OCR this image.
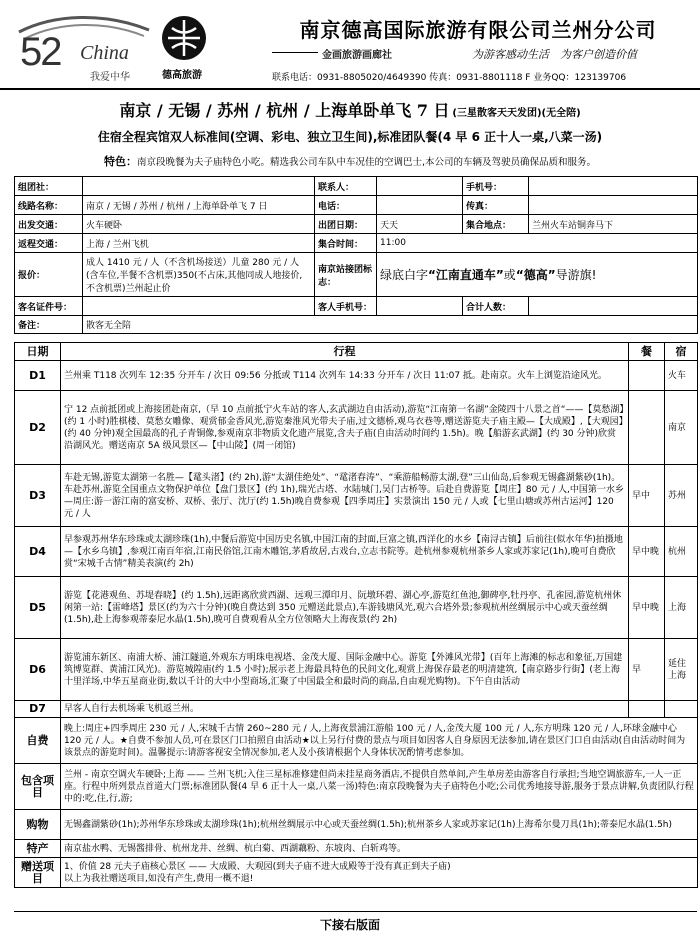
52 China
我爱中华	德高旅游
南京德高国际旅游有限公司兰州分公司
金画旅游画廊社	为游客感动生活　为客户创造价值
联系电话：0931-8805020/4649390 传真：0931-8801118 F 业务QQ：123139706
南京 / 无锡 / 苏州 / 杭州 / 上海单卧单飞 7 日 (三星散客天天发团)(无全陪)
住宿全程宾馆双人标准间(空调、彩电、独立卫生间),标准团队餐(4 早 6 正十人一桌,八菜一汤)
特色：南京段晚餐为夫子庙特色小吃。精选我公司车队中车况佳的空调巴士,本公司的车辆及驾驶员确保品质和服务。
组团社：		联系人：		手机号：	
线路名称：	南京 / 无锡 / 苏州 / 杭州 / 上海单卧单飞 7 日	电话：		传真：	
出发交通：	火车硬卧	出团日期：	天天	集合地点：	兰州火车站铜奔马下
返程交通：	上海 / 兰州飞机	集合时间：	11:00		
报价：	成人 1410 元 / 人（不含机场接送）儿童 280 元 / 人(含车位,半餐不含机票)350(不占床,其他同成人地接价,不含机票)兰州起止价	南京站接团标志：	绿底白字“江南直通车”或“德高”导游旗!		
客名证件号：		客人手机号：		合计人数：	
备注：	散客无全陪				
日期	行程	餐	宿
D1	兰州乘 T118 次列车 12:35 分开车 / 次日 09:56 分抵或 T114 次列车 14:33 分开车 / 次日 11:07 抵。赴南京。火车上浏览沿途风光。		火车
D2	宁 12 点前抵团或上海接团赴南京,（早 10 点前抵宁火车站的客人,玄武湖边自由活动),游览“江南第一名湖”金陵四十八景之首“——【莫愁湖】(约 1 小时)胜棋楼、莫愁女雕像、观赏郁金香风光,游览秦淮风光带夫子庙,过文德桥,观乌衣巷等,赠送游览夫子庙主殿—【大成殿】,【大观园】(约 40 分钟)观全国最高的孔子青铜像,参观南京非物质文化遗产展览,含夫子庙(自由活动时间约 1.5h)。晚【船游玄武湖】(约 30 分钟)欣赏沿湖风光。赠送南京 5A 级风景区—【中山陵】(周一闭馆)		南京
D3	车赴无锡,游览太湖第一名胜—【鼋头渚】(约 2h),游“太湖佳绝处”、“鼋渚春涛”、“乘游船畅游太湖,登”三山仙岛,后参观无锡鑫湖紫砂(1h)。车赴苏州,游览全国重点文物保护单位【盘门景区】(约 1h),瑞光古塔、水陆城门,吴门古桥等。后赴自费游览【周庄】80 元 / 人,中国第一水乡—周庄:游一游江南的富安桥、双桥、张厅、沈厅(约 1.5h)晚自费参观【四季周庄】实景演出 150 元 / 人或【七里山塘或苏州古运河】120 元 / 人	早中	苏州
D4	早参观苏州华东珍珠或太湖珍珠(1h),中餐后游览中国历史名镇,中国江南的封面,巨富之镇,西洋化的水乡【南浔古镇】后前往(似水年华)拍摄地—【水乡乌镇】,参观江南百年宿,江南民俗馆,江南木雕馆,茅盾故居,古戏台,立志书院等。赴杭州参观杭州茶乡人家或苏家记(1h),晚可自费欣赏“宋城千古情”精美表演(约 2h)	早中晚	杭州
D5	游览【花港观鱼、苏堤春晓】(约 1.5h),远距离欣赏西湖、远观三潭印月、阮墩环碧、湖心亭,游览红鱼池,御碑亭,牡丹亭、孔雀园,游览杭州休闲第一站:【雷峰塔】景区(约为六十分钟)(晚自费达到 350 元赠送此景点),车游钱塘风光,观六合塔外景;参观杭州丝绸展示中心或天蚕丝绸(1.5h),赴上海参观蒂泰尼水晶(1.5h),晚可自费观看从全方位领略大上海夜景(约 2h)	早中晚	上海
D6	游览浦东新区、南浦大桥、浦江隧道,外观东方明珠电视塔、金茂大厦、国际金融中心。游览【外滩风光带】(百年上海滩的标志和象征,万国建筑博览群、黄浦江风光)。游览城隍庙(约 1.5 小时);展示老上海最具特色的民间文化,观赏上海保存最老的明清建筑,【南京路步行街】(老上海十里洋场,中华五星商业街,数以千计的大中小型商场,汇聚了中国最全和最时尚的商品,自由观光购物)。下午自由活动	早	延住上海
D7	早客人自行去机场乘飞机返兰州。		
自费	晚上:周庄+四季周庄 230 元 / 人,宋城千古情 260~280 元 / 人,上海夜景浦江游船 100 元 / 人,金茂大厦 100 元 / 人,东方明珠 120 元 / 人,环球金融中心 120 元 / 人。★自费不参加人员,可在景区门口拍照自由活动★以上另行付费的景点与项目如因客人自身原因无法参加,请在景区门口自由活动(自由活动时间为该景点的游览时间)。温馨提示:请游客视安全情况参加,老人及小孩请根据个人身体状况酌情考虑参加。		
包含项目	兰州 - 南京空调火车硬卧;上海 —— 兰州飞机;入住三星标准修建但尚未挂星商务酒店,不提供自然单间,产生单房差由游客自行承担;当地空调旅游车,一人一正座。行程中所列景点首道大门票;标准团队餐(4 早 6 正十人一桌,八菜一汤)特色:南京段晚餐为夫子庙特色小吃;公司优秀地接导游,服务于景点讲解,负责团队行程中的:吃,住,行,游;		
购物	无锡鑫湖紫砂(1h);苏州华东珍珠或太湖珍珠(1h);杭州丝绸展示中心或天蚕丝绸(1.5h);杭州茶乡人家或苏家记(1h)上海希尔曼刀具(1h);蒂泰尼水晶(1.5h)		
特产	南京盐水鸭、无锡酱排骨、杭州龙井、丝绸、杭白菊、西湖藕粉、东坡肉、白斩鸡等。		
赠送项目	1、价值 28 元夫子庙核心景区 —— 大成殿、大观园(到夫子庙不进大成殿等于没有真正到夫子庙)
以上为我社赠送项目,如没有产生,费用一概不退!		
下接右版面
